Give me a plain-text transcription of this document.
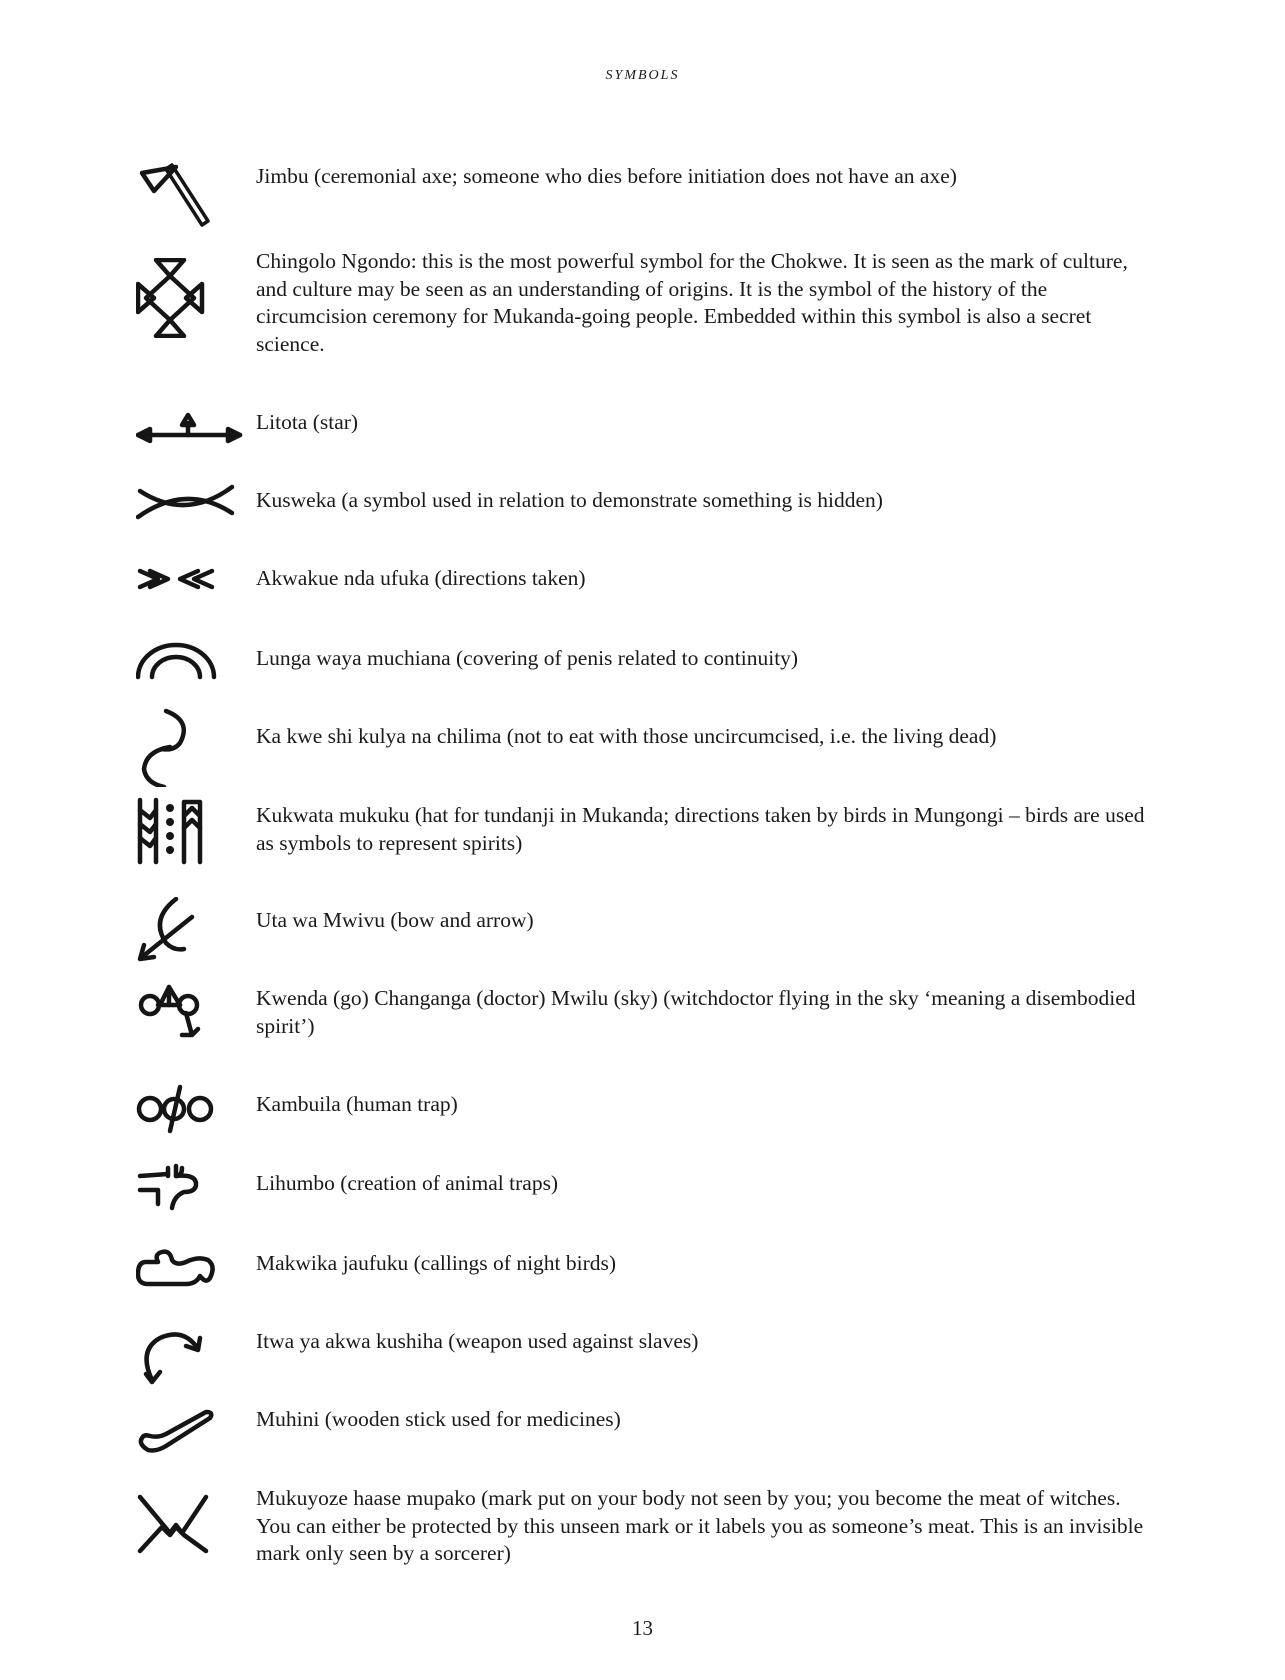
SYMBOLS
Jimbu (ceremonial axe; someone who dies before initiation does not have an axe)
Chingolo Ngondo: this is the most powerful symbol for the Chokwe. It is seen as the mark of culture, and culture may be seen as an understanding of origins. It is the symbol of the history of the circumcision ceremony for Mukanda-going people. Embedded within this symbol is also a secret science.
Litota (star)
Kusweka (a symbol used in relation to demonstrate something is hidden)
Akwakue nda ufuka (directions taken)
Lunga waya muchiana (covering of penis related to continuity)
Ka kwe shi kulya na chilima (not to eat with those uncircumcised, i.e. the living dead)
Kukwata mukuku (hat for tundanji in Mukanda; directions taken by birds in Mungongi – birds are used as symbols to represent spirits)
Uta wa Mwivu (bow and arrow)
Kwenda (go) Changanga (doctor) Mwilu (sky) (witchdoctor flying in the sky ‘meaning a disembodied spirit’)
Kambuila (human trap)
Lihumbo (creation of animal traps)
Makwika jaufuku (callings of night birds)
Itwa ya akwa kushiha (weapon used against slaves)
Muhini (wooden stick used for medicines)
Mukuyoze haase mupako (mark put on your body not seen by you; you become the meat of witches. You can either be protected by this unseen mark or it labels you as someone’s meat. This is an invisible mark only seen by a sorcerer)
13
